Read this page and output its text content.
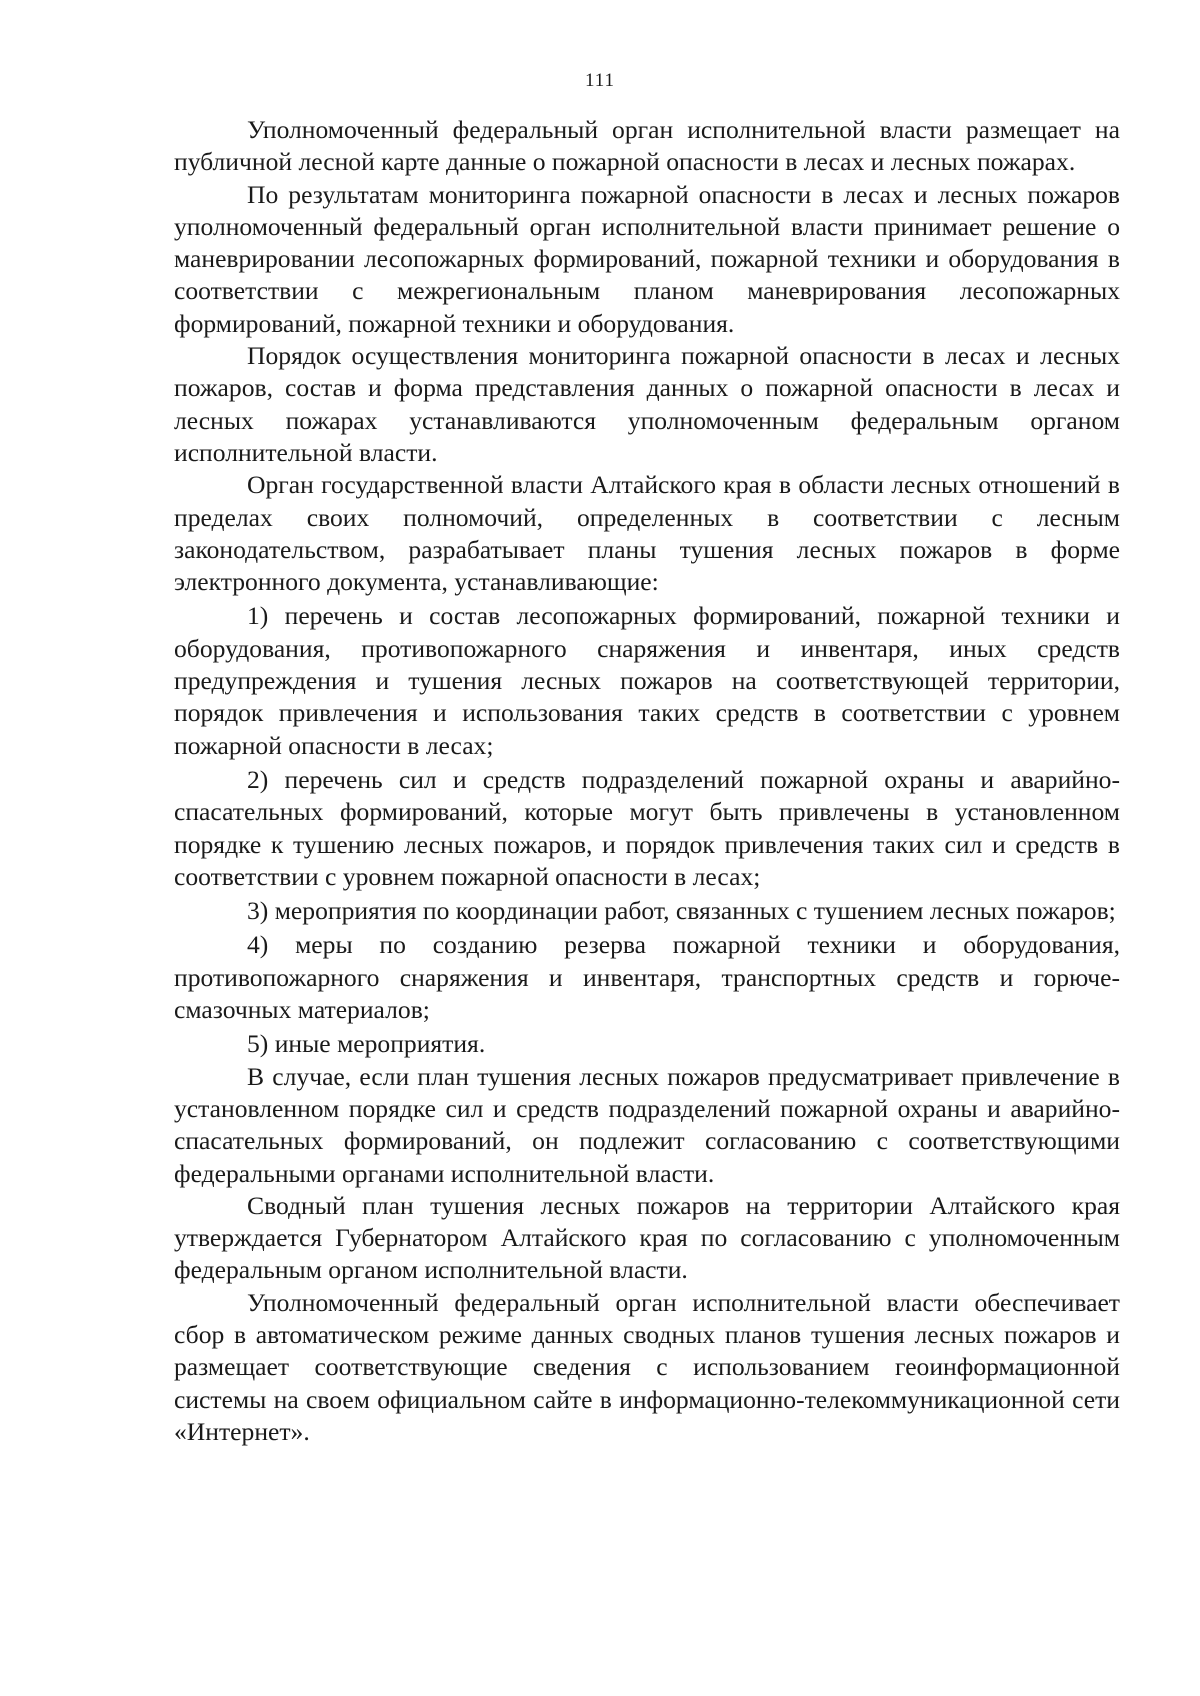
111

Уполномоченный федеральный орган исполнительной власти размещает на публичной лесной карте данные о пожарной опасности в лесах и лесных пожарах.

По результатам мониторинга пожарной опасности в лесах и лесных пожаров уполномоченный федеральный орган исполнительной власти принимает решение о маневрировании лесопожарных формирований, пожарной техники и оборудования в соответствии с межрегиональным планом маневрирования лесопожарных формирований, пожарной техники и оборудования.

Порядок осуществления мониторинга пожарной опасности в лесах и лесных пожаров, состав и форма представления данных о пожарной опасности в лесах и лесных пожарах устанавливаются уполномоченным федеральным органом исполнительной власти.

Орган государственной власти Алтайского края в области лесных отношений в пределах своих полномочий, определенных в соответствии с лесным законодательством, разрабатывает планы тушения лесных пожаров в форме электронного документа, устанавливающие:

1) перечень и состав лесопожарных формирований, пожарной техники и оборудования, противопожарного снаряжения и инвентаря, иных средств предупреждения и тушения лесных пожаров на соответствующей территории, порядок привлечения и использования таких средств в соответствии с уровнем пожарной опасности в лесах;

2) перечень сил и средств подразделений пожарной охраны и аварийно-спасательных формирований, которые могут быть привлечены в установленном порядке к тушению лесных пожаров, и порядок привлечения таких сил и средств в соответствии с уровнем пожарной опасности в лесах;

3) мероприятия по координации работ, связанных с тушением лесных пожаров;

4) меры по созданию резерва пожарной техники и оборудования, противопожарного снаряжения и инвентаря, транспортных средств и горюче-смазочных материалов;

5) иные мероприятия.

В случае, если план тушения лесных пожаров предусматривает привлечение в установленном порядке сил и средств подразделений пожарной охраны и аварийно-спасательных формирований, он подлежит согласованию с соответствующими федеральными органами исполнительной власти.

Сводный план тушения лесных пожаров на территории Алтайского края утверждается Губернатором Алтайского края по согласованию с уполномоченным федеральным органом исполнительной власти.

Уполномоченный федеральный орган исполнительной власти обеспечивает сбор в автоматическом режиме данных сводных планов тушения лесных пожаров и размещает соответствующие сведения с использованием геоинформационной системы на своем официальном сайте в информационно-телекоммуникационной сети «Интернет».
